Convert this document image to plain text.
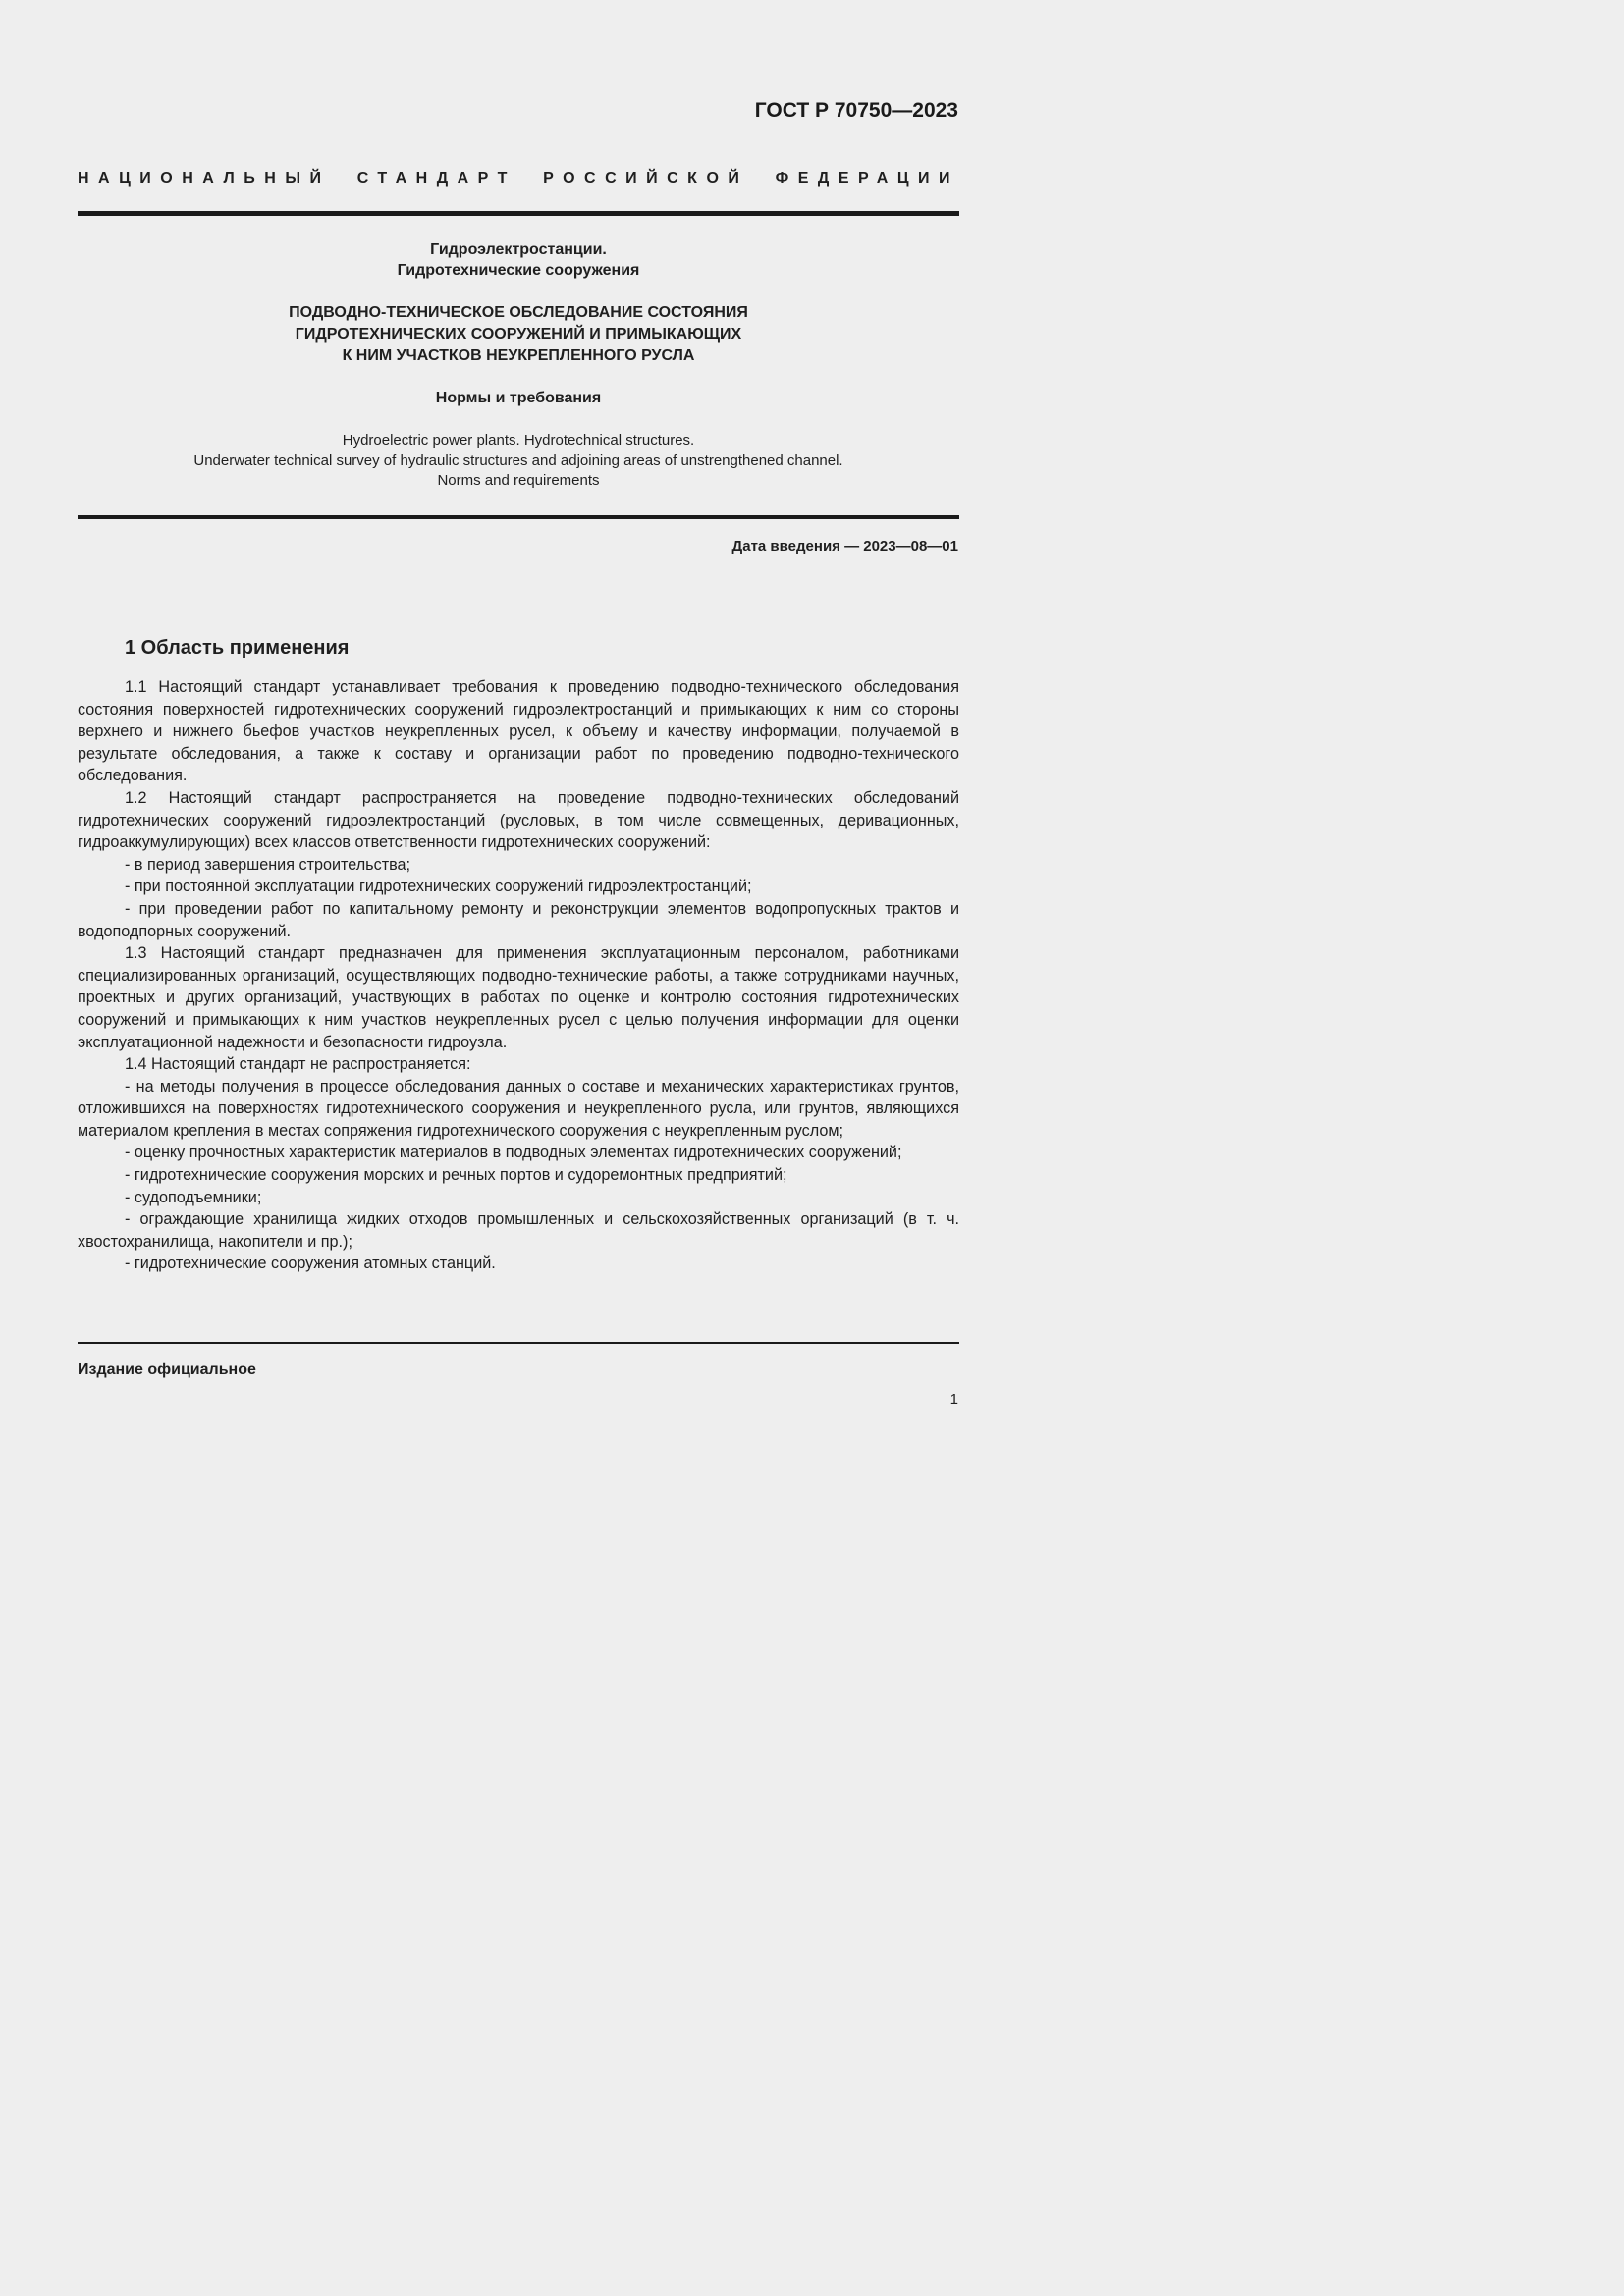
ГОСТ Р 70750—2023
НАЦИОНАЛЬНЫЙ СТАНДАРТ РОССИЙСКОЙ ФЕДЕРАЦИИ
Гидроэлектростанции.
Гидротехнические сооружения
ПОДВОДНО-ТЕХНИЧЕСКОЕ ОБСЛЕДОВАНИЕ СОСТОЯНИЯ
ГИДРОТЕХНИЧЕСКИХ СООРУЖЕНИЙ И ПРИМЫКАЮЩИХ
К НИМ УЧАСТКОВ НЕУКРЕПЛЕННОГО РУСЛА
Нормы и требования
Hydroelectric power plants. Hydrotechnical structures.
Underwater technical survey of hydraulic structures and adjoining areas of unstrengthened channel.
Norms and requirements
Дата введения — 2023—08—01
1 Область применения

1.1 Настоящий стандарт устанавливает требования к проведению подводно-технического обследования состояния поверхностей гидротехнических сооружений гидроэлектростанций и примыкающих к ним со стороны верхнего и нижнего бьефов участков неукрепленных русел, к объему и качеству информации, получаемой в результате обследования, а также к составу и организации работ по проведению подводно-технического обследования.

1.2 Настоящий стандарт распространяется на проведение подводно-технических обследований гидротехнических сооружений гидроэлектростанций (русловых, в том числе совмещенных, деривационных, гидроаккумулирующих) всех классов ответственности гидротехнических сооружений:

- в период завершения строительства;

- при постоянной эксплуатации гидротехнических сооружений гидроэлектростанций;

- при проведении работ по капитальному ремонту и реконструкции элементов водопропускных трактов и водоподпорных сооружений.

1.3 Настоящий стандарт предназначен для применения эксплуатационным персоналом, работниками специализированных организаций, осуществляющих подводно-технические работы, а также сотрудниками научных, проектных и других организаций, участвующих в работах по оценке и контролю состояния гидротехнических сооружений и примыкающих к ним участков неукрепленных русел с целью получения информации для оценки эксплуатационной надежности и безопасности гидроузла.

1.4 Настоящий стандарт не распространяется:

- на методы получения в процессе обследования данных о составе и механических характеристиках грунтов, отложившихся на поверхностях гидротехнического сооружения и неукрепленного русла, или грунтов, являющихся материалом крепления в местах сопряжения гидротехнического сооружения с неукрепленным руслом;

- оценку прочностных характеристик материалов в подводных элементах гидротехнических сооружений;

- гидротехнические сооружения морских и речных портов и судоремонтных предприятий;

- судоподъемники;

- ограждающие хранилища жидких отходов промышленных и сельскохозяйственных организаций (в т. ч. хвостохранилища, накопители и пр.);

- гидротехнические сооружения атомных станций.

Издание официальное
1
